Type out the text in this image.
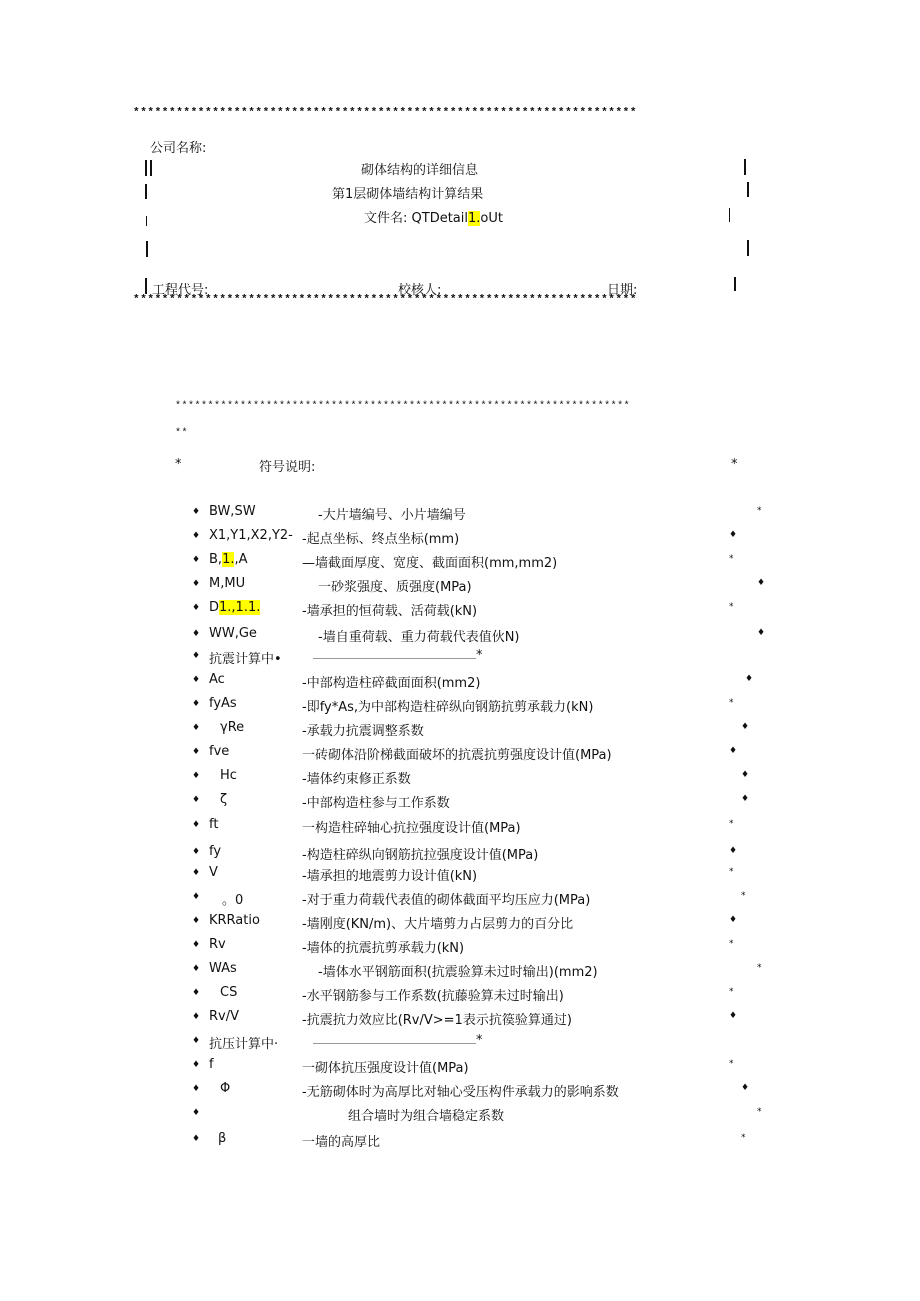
**********************************************************************
公司名称:
砌体结构的详细信息
第1层砌体墙结构计算结果
文件名: QTDetail1.oUt
工程代号:	校核人:	日期:
**********************************************************************
**********************************************************************
**
*	符号说明:	*
♦ BW,SW	-大片墙编号、小片墙编号	*
♦ X1,Y1,X2,Y2- -起点坐标、终点坐标(mm)	♦
♦ B,1.,A	—墙截面厚度、宽度、截面面积(mm,mm2)	*
♦ M,MU	一砂浆强度、质强度(MPa)	♦
♦ D1.,1.1.	-墙承担的恒荷载、活荷载(kN)	*
♦ WW,Ge	-墙自重荷载、重力荷载代表值伙N)	♦
♦ 抗震计算中•	*
♦ Ac	-中部构造柱碎截面面积(mm2)	♦
♦ fyAs	-即fy*As,为中部构造柱碎纵向钢筋抗剪承载力(kN)	*
♦ γRe	-承载力抗震调整系数	♦
♦ fve	一砖砌体沿阶梯截面破坏的抗震抗剪强度设计值(MPa)	♦
♦ Hc	-墙体约束修正系数	♦
♦ ζ	-中部构造柱参与工作系数	♦
♦ ft	一构造柱碎轴心抗拉强度设计值(MPa)	*
♦ fy	-构造柱碎纵向钢筋抗拉强度设计值(MPa)	♦
♦ V	-墙承担的地震剪力设计值(kN)	*
♦ 。0	-对于重力荷载代表值的砌体截面平均压应力(MPa)	*
♦ KRRatio	-墙刚度(KN/m)、大片墙剪力占层剪力的百分比	♦
♦ Rv	-墙体的抗震抗剪承载力(kN)	*
♦ WAs	-墙体水平钢筋面积(抗震验算未过时输出)(mm2)	*
♦ CS	-水平钢筋参与工作系数(抗藤验算未过时输出)	*
♦ Rv/V	-抗震抗力效应比(Rv/V>=1表示抗篌验算通过)	♦
♦ 抗压计算中·	*
♦ f	一砌体抗压强度设计值(MPa)	*
♦ Φ	-无筋砌体时为高厚比对轴心受压构件承载力的影响系数	♦
♦	组合墙时为组合墙稳定系数	*
♦ β	一墙的高厚比	*
